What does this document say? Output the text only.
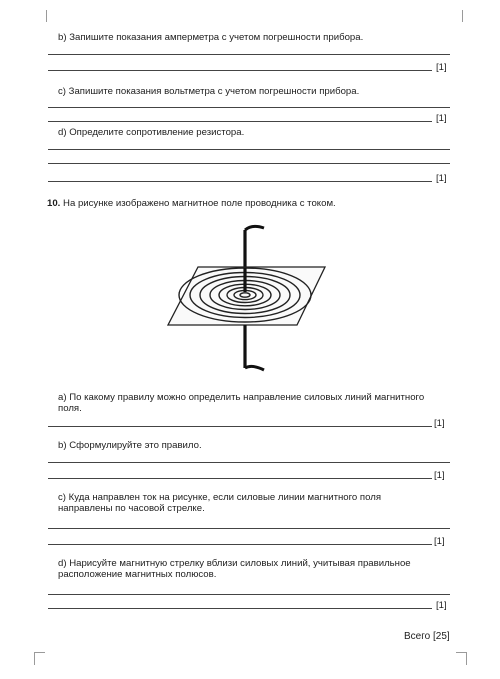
b) Запишите показания амперметра с учетом погрешности прибора.
[1]
c) Запишите показания вольтметра с учетом погрешности прибора.
[1]
d) Определите сопротивление резистора.
[1]
10. На рисунке изображено магнитное поле проводника с током.
a) По какому правилу можно определить направление силовых линий магнитного поля.
[1]
b) Сформулируйте это правило.
[1]
c) Куда направлен ток на рисунке, если силовые линии магнитного поля направлены по часовой стрелке.
[1]
d) Нарисуйте магнитную стрелку вблизи силовых линий, учитывая правильное расположение магнитных полюсов.
[1]
Всего [25]
